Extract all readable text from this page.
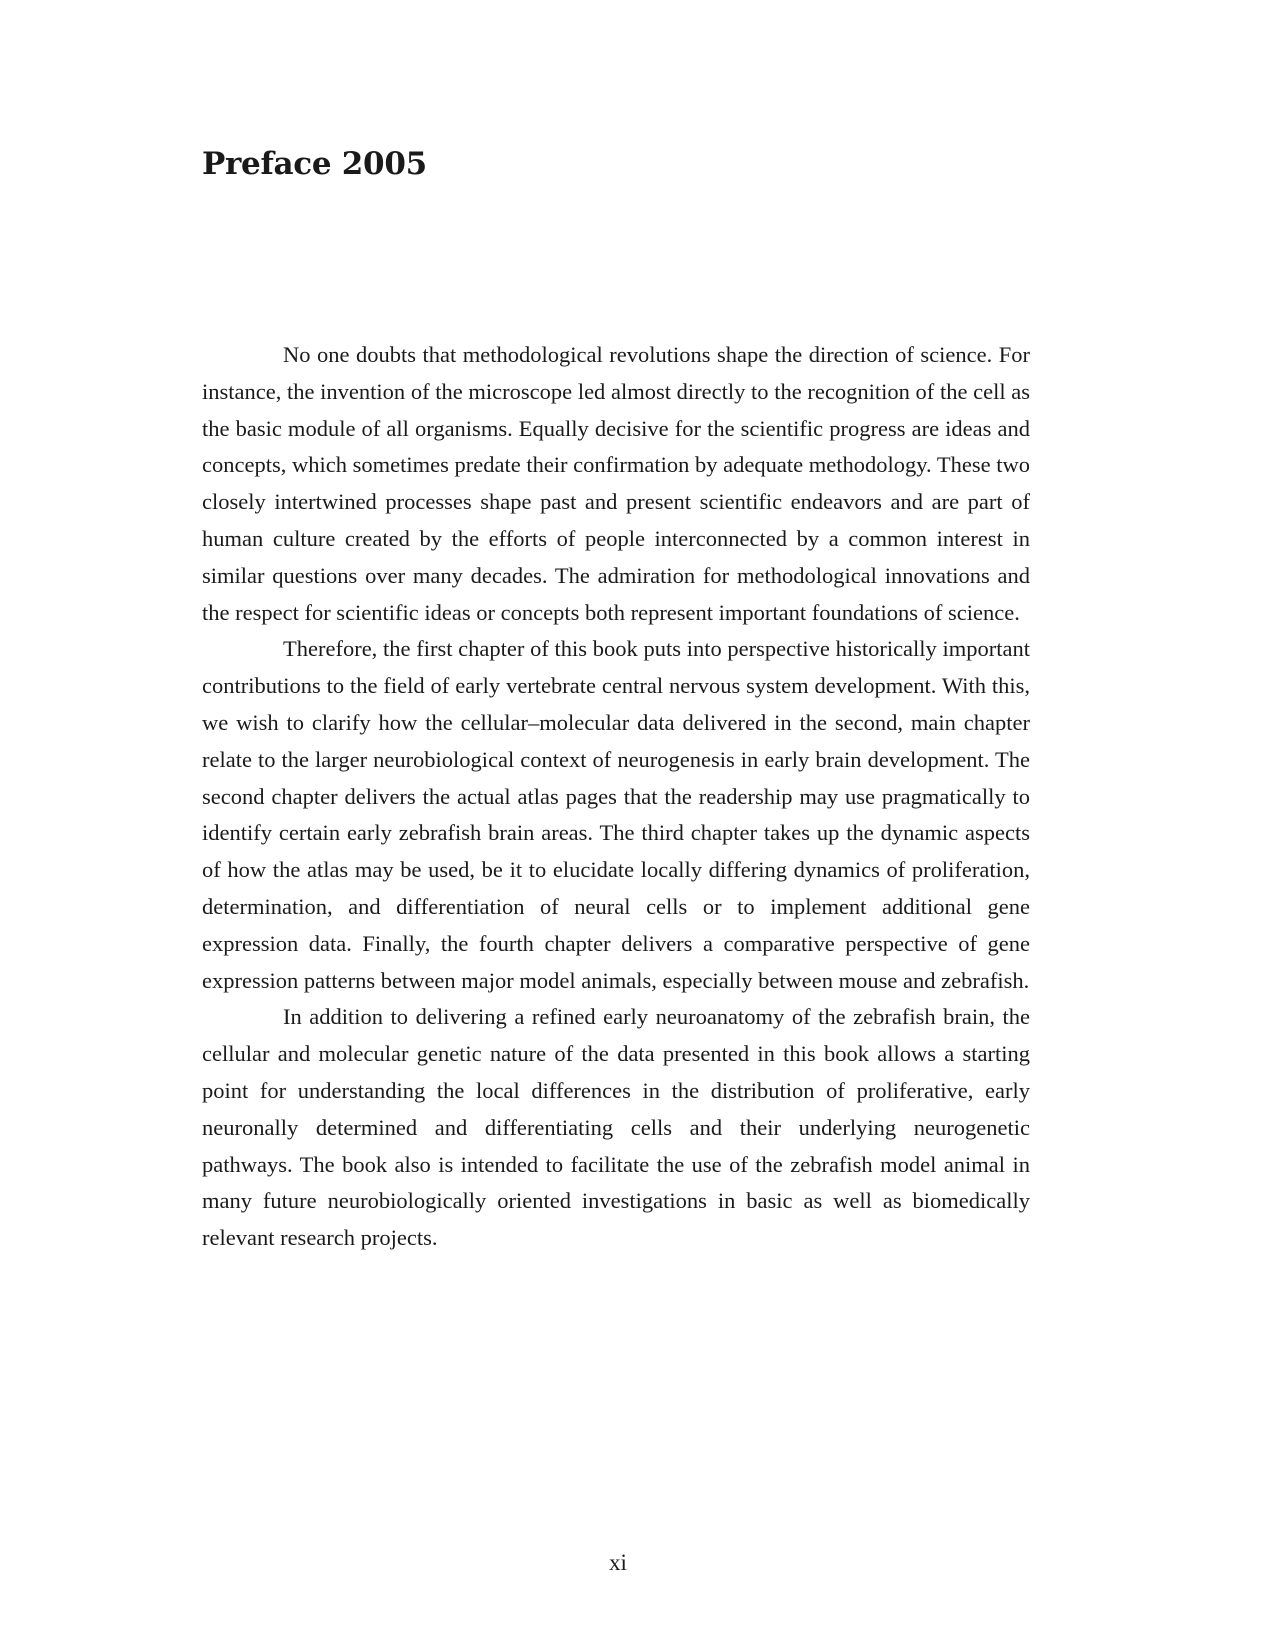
Preface 2005

No one doubts that methodological revolutions shape the direction of science. For instance, the invention of the microscope led almost directly to the recognition of the cell as the basic module of all organisms. Equally decisive for the scientific progress are ideas and concepts, which sometimes predate their confirmation by adequate methodology. These two closely intertwined processes shape past and present scientific endeavors and are part of human culture created by the efforts of people interconnected by a common interest in similar questions over many decades. The admiration for methodological innovations and the respect for scientific ideas or concepts both represent important foundations of science.

Therefore, the first chapter of this book puts into perspective historically important contributions to the field of early vertebrate central nervous system development. With this, we wish to clarify how the cellular–molecular data delivered in the second, main chapter relate to the larger neurobiological context of neurogenesis in early brain development. The second chapter delivers the actual atlas pages that the readership may use pragmatically to identify certain early zebrafish brain areas. The third chapter takes up the dynamic aspects of how the atlas may be used, be it to elucidate locally differing dynamics of proliferation, determination, and differentiation of neural cells or to implement additional gene expression data. Finally, the fourth chapter delivers a comparative perspective of gene expression patterns between major model animals, especially between mouse and zebrafish.

In addition to delivering a refined early neuroanatomy of the zebrafish brain, the cellular and molecular genetic nature of the data presented in this book allows a starting point for understanding the local differences in the distribution of proliferative, early neuronally determined and differentiating cells and their underlying neurogenetic pathways. The book also is intended to facilitate the use of the zebrafish model animal in many future neurobiologically oriented investigations in basic as well as biomedically relevant research projects.

xi
